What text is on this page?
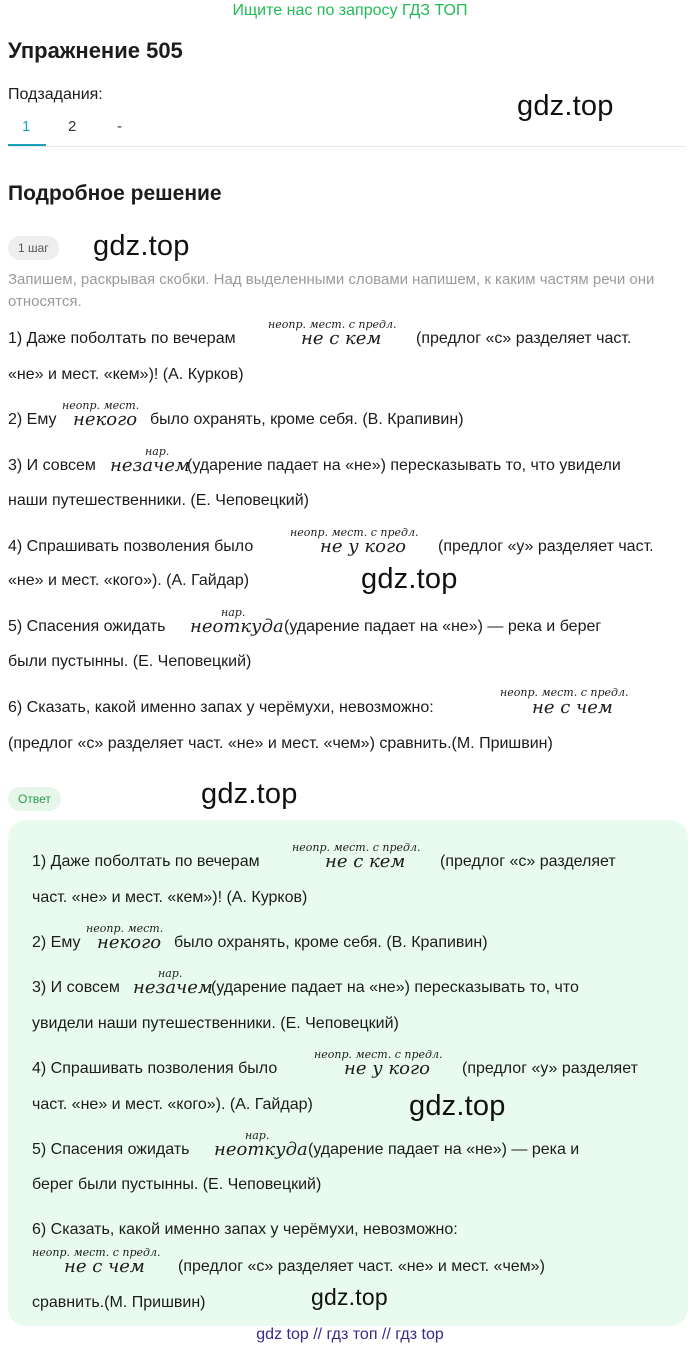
Ищите нас по запросу ГДЗ ТОП
Упражнение 505
Подзадания:
1	2	-
gdz.top
Подробное решение
1 шаг	gdz.top
Запишем, раскрывая скобки. Над выделенными словами напишем, к каким частям речи они относятся.
неопр. мест. с предл.
1) Даже поболтать по вечерам	не с кем (предлог «с» разделяет част.
«не» и мест. «кем»)! (А. Курков)
неопр. мест.
2) Ему некого было охранять, кроме себя. (В. Крапивин)
нар.
3) И совсем незачем
(ударение падает на «не») пересказывать то, что увидели
наши путешественники. (Е. Чеповецкий)
неопр. мест. с предл.
4) Спрашивать позволения было	не у кого (предлог «у» разделяет част.
«не» и мест. «кого»). (А. Гайдар)	gdz.top
нар.
5) Спасения ожидать неоткуда (ударение падает на «не») — река и берег
были пустынны. (Е. Чеповецкий)
неопр. мест. с предл.
6) Сказать, какой именно запах у черёмухи, невозможно:	не с чем
(предлог «с» разделяет част. «не» и мест. «чем») сравнить.(М. Пришвин)
Ответ	gdz.top
неопр. мест. с предл.
1) Даже поболтать по вечерам	не с кем (предлог «с» разделяет
част. «не» и мест. «кем»)! (А. Курков)
неопр. мест.
2) Ему некого было охранять, кроме себя. (В. Крапивин)
нар.
3) И совсем незачем
(ударение падает на «не») пересказывать то, что
увидели наши путешественники. (Е. Чеповецкий)
неопр. мест. с предл.
4) Спрашивать позволения было	не у кого (предлог «у» разделяет
част. «не» и мест. «кого»). (А. Гайдар)	gdz.top
нар.
5) Спасения ожидать неоткуда (ударение падает на «не») — река и
берег были пустынны. (Е. Чеповецкий)
6) Сказать, какой именно запах у черёмухи, невозможно:
неопр. мест. с предл.
не с чем (предлог «с» разделяет част. «не» и мест. «чем»)
сравнить.(М. Пришвин)	gdz.top
gdz top // гдз топ // гдз top
